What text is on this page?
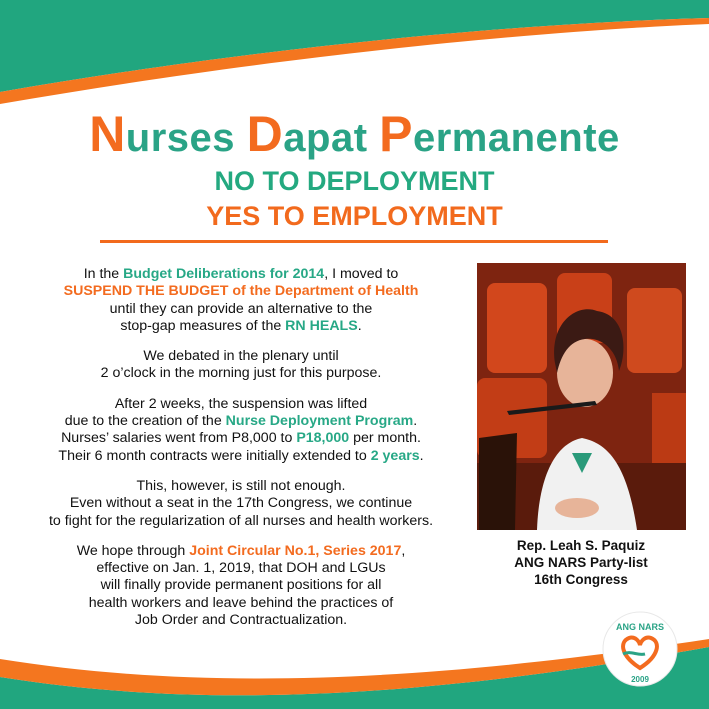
Nurses Dapat Permanente
NO TO DEPLOYMENT
YES TO EMPLOYMENT

In the Budget Deliberations for 2014, I moved to
SUSPEND THE BUDGET of the Department of Health
until they can provide an alternative to the
stop-gap measures of the RN HEALS.

We debated in the plenary until
2 o’clock in the morning just for this purpose.

After 2 weeks, the suspension was lifted
due to the creation of the Nurse Deployment Program.
Nurses’ salaries went from P8,000 to P18,000 per month.
Their 6 month contracts were initially extended to 2 years.

This, however, is still not enough.
Even without a seat in the 17th Congress, we continue
to fight for the regularization of all nurses and health workers.

We hope through Joint Circular No.1, Series 2017,
effective on Jan. 1, 2019, that DOH and LGUs
will finally provide permanent positions for all
health workers and leave behind the practices of
Job Order and Contractualization.

Rep. Leah S. Paquiz
ANG NARS Party-list
16th Congress
ANG NARS
2009
